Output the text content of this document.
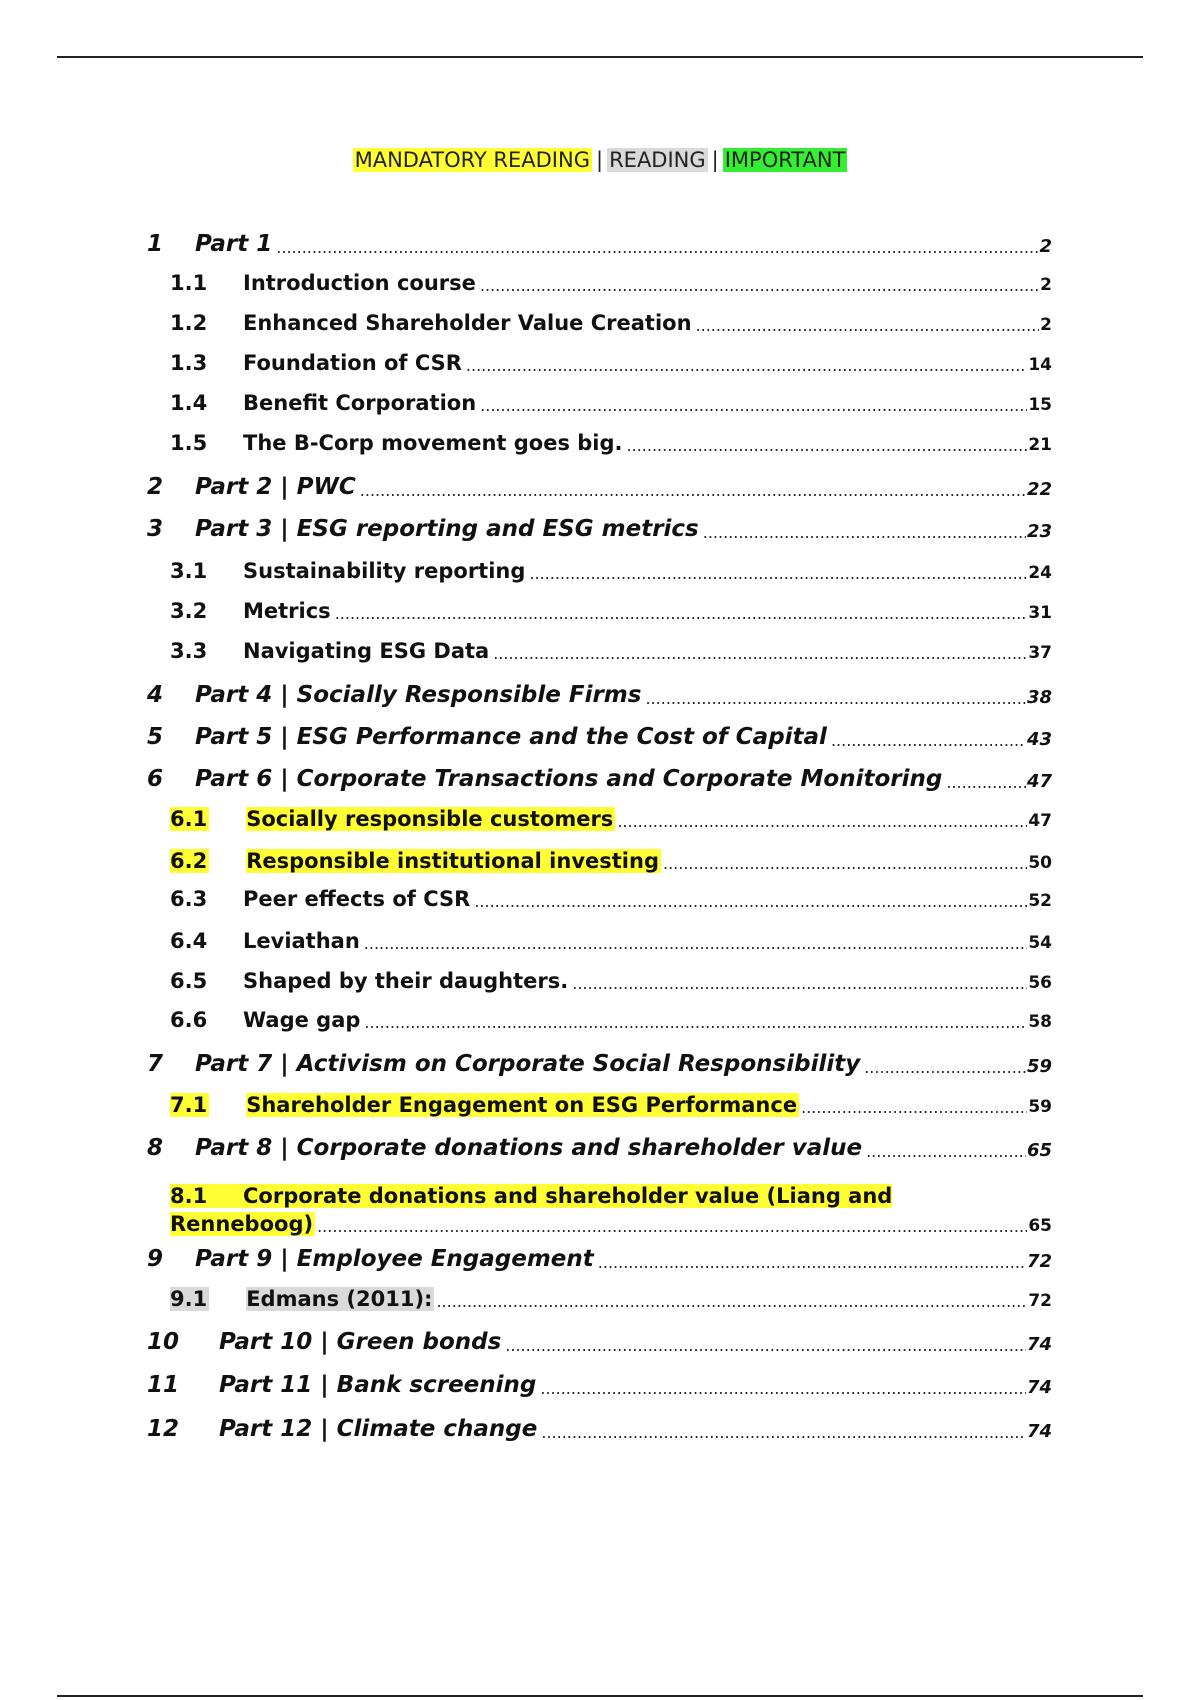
MANDATORY READING | READING | IMPORTANT
1	Part 1 .....	2
1.1	Introduction course .....	2
1.2	Enhanced Shareholder Value Creation .....	2
1.3	Foundation of CSR .....	14
1.4	Benefit Corporation .....	15
1.5	The B-Corp movement goes big. .....	21
2	Part 2 | PWC .....	22
3	Part 3 | ESG reporting and ESG metrics .....	23
3.1	Sustainability reporting .....	24
3.2	Metrics .....	31
3.3	Navigating ESG Data .....	37
4	Part 4 | Socially Responsible Firms .....	38
5	Part 5 | ESG Performance and the Cost of Capital .....	43
6	Part 6 | Corporate Transactions and Corporate Monitoring .....	47
6.1 Socially responsible customers .....	47
6.2 Responsible institutional investing .....	50
6.3	Peer effects of CSR .....	52
6.4	Leviathan .....	54
6.5	Shaped by their daughters. .....	56
6.6	Wage gap .....	58
7	Part 7 | Activism on Corporate Social Responsibility .....	59
7.1 Shareholder Engagement on ESG Performance .....	59
8	Part 8 | Corporate donations and shareholder value .....	65
8.1 Corporate donations and shareholder value (Liang and
Renneboog) .....	65
9	Part 9 | Employee Engagement .....	72
9.1 Edmans (2011): .....	72
10	Part 10 | Green bonds .....	74
11	Part 11 | Bank screening .....	74
12	Part 12 | Climate change .....	74
